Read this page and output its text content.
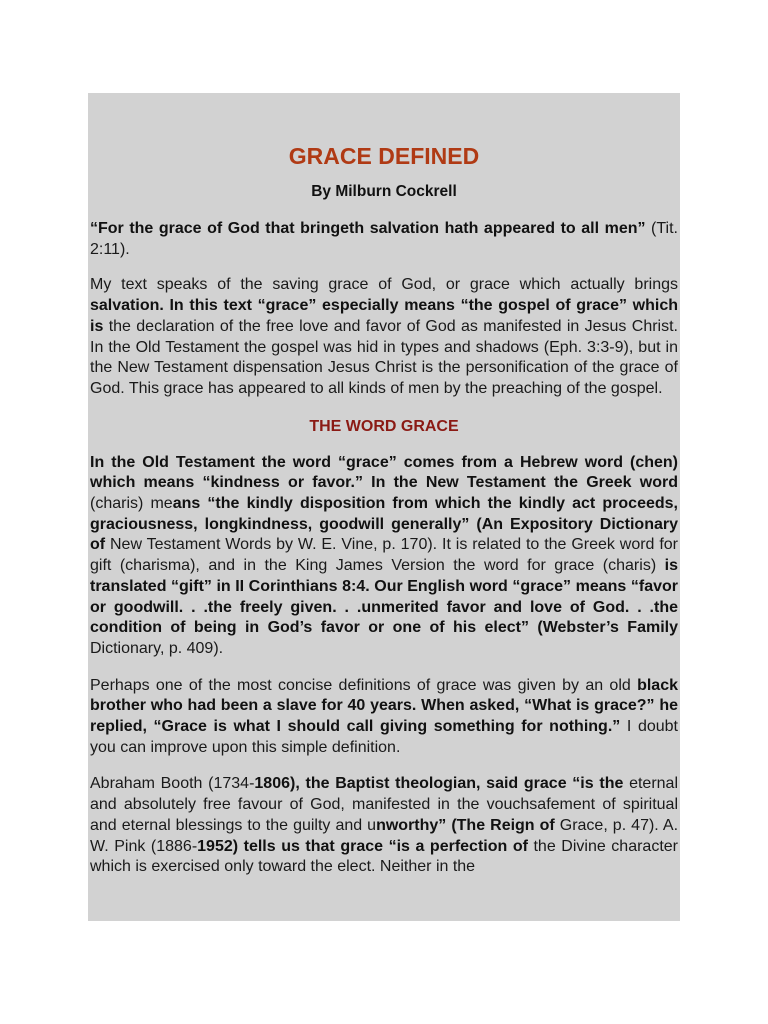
GRACE DEFINED
By Milburn Cockrell

“For the grace of God that bringeth salvation hath appeared to all men” (Tit. 2:11).

My text speaks of the saving grace of God, or grace which actually brings salvation. In this text “grace” especially means “the gospel of grace” which is the declaration of the free love and favor of God as manifested in Jesus Christ. In the Old Testament the gospel was hid in types and shadows (Eph. 3:3-9), but in the New Testament dispensation Jesus Christ is the personification of the grace of God. This grace has appeared to all kinds of men by the preaching of the gospel.

THE WORD GRACE

In the Old Testament the word “grace” comes from a Hebrew word (chen) which means “kindness or favor.” In the New Testament the Greek word (charis) means “the kindly disposition from which the kindly act proceeds, graciousness, longkindness, goodwill generally” (An Expository Dictionary of New Testament Words by W. E. Vine, p. 170). It is related to the Greek word for gift (charisma), and in the King James Version the word for grace (charis) is translated “gift” in II Corinthians 8:4. Our English word “grace” means “favor or goodwill. . .the freely given. . .unmerited favor and love of God. . .the condition of being in God’s favor or one of his elect” (Webster’s Family Dictionary, p. 409).

Perhaps one of the most concise definitions of grace was given by an old black brother who had been a slave for 40 years. When asked, “What is grace?” he replied, “Grace is what I should call giving something for nothing.” I doubt you can improve upon this simple definition.

Abraham Booth (1734-1806), the Baptist theologian, said grace “is the eternal and absolutely free favour of God, manifested in the vouchsafement of spiritual and eternal blessings to the guilty and unworthy” (The Reign of Grace, p. 47). A. W. Pink (1886-1952) tells us that grace “is a perfection of the Divine character which is exercised only toward the elect. Neither in the
